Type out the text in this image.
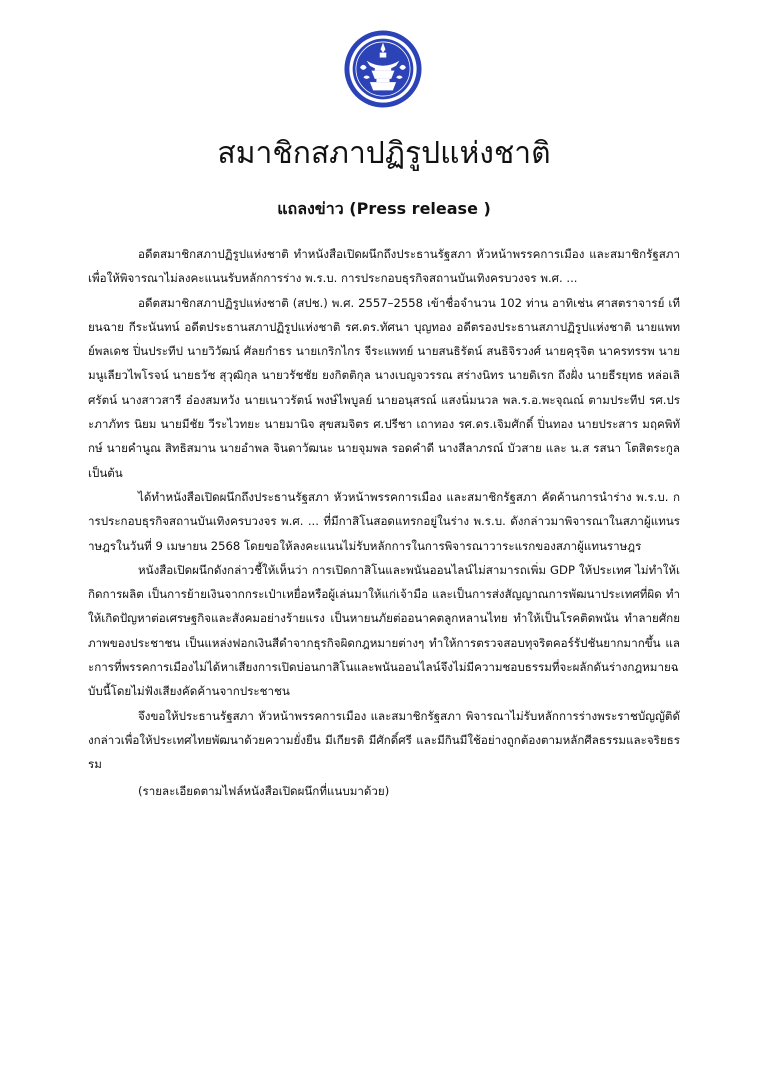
สมาชิกสภาปฏิรูปแห่งชาติ
แถลงข่าว (Press release )

อดีตสมาชิกสภาปฏิรูปแห่งชาติ ทำหนังสือเปิดผนึกถึงประธานรัฐสภา หัวหน้าพรรคการเมือง และสมาชิกรัฐสภา เพื่อให้พิจารณาไม่ลงคะแนนรับหลักการร่าง พ.ร.บ. การประกอบธุรกิจสถานบันเทิงครบวงจร พ.ศ. ...

อดีตสมาชิกสภาปฏิรูปแห่งชาติ (สปช.) พ.ศ. 2557–2558 เข้าชื่อจำนวน 102 ท่าน อาทิเช่น ศาสตราจารย์ เทียนฉาย กีระนันทน์ อดีตประธานสภาปฏิรูปแห่งชาติ รศ.ดร.ทัศนา บุญทอง อดีตรองประธานสภาปฏิรูปแห่งชาติ นายแพทย์พลเดช ปิ่นประทีป นายวิวัฒน์ ศัลยกำธร นายเกริกไกร จีระแพทย์ นายสนธิรัตน์ สนธิจิรวงศ์ นายคุรุจิต นาครทรรพ นายมนูเลียวไพโรจน์ นายธวัช สุวุฒิกุล นายวรัชชัย ยงกิตติกุล นางเบญจวรรณ สร่างนิทร นายดิเรก ถึงฝั่ง นายธีรยุทธ หล่อเลิศรัตน์ นางสาวสารี อ๋องสมหวัง นายเนาวรัตน์ พงษ์ไพบูลย์ นายอนุสรณ์ แสงนิ่มนวล พล.ร.อ.พะจุณณ์ ตามประทีป รศ.ประภาภัทร นิยม นายมีชัย วีระไวทยะ นายมานิจ สุขสมจิตร ศ.ปรีชา เถาทอง รศ.ดร.เจิมศักดิ์ ปิ่นทอง นายประสาร มฤคพิทักษ์ นายคำนูณ สิทธิสมาน นายอำพล จินดาวัฒนะ นายจุมพล รอดคำดี นางสีลาภรณ์ บัวสาย และ น.ส รสนา โตสิตระกูล เป็นต้น

ได้ทำหนังสือเปิดผนึกถึงประธานรัฐสภา หัวหน้าพรรคการเมือง และสมาชิกรัฐสภา คัดค้านการนำร่าง พ.ร.บ. การประกอบธุรกิจสถานบันเทิงครบวงจร พ.ศ. ... ที่มีกาสิโนสอดแทรกอยู่ในร่าง พ.ร.บ. ดังกล่าวมาพิจารณาในสภาผู้แทนราษฎรในวันที่ 9 เมษายน 2568 โดยขอให้ลงคะแนนไม่รับหลักการในการพิจารณาวาระแรกของสภาผู้แทนราษฎร

หนังสือเปิดผนึกดังกล่าวชี้ให้เห็นว่า การเปิดกาสิโนและพนันออนไลน์ไม่สามารถเพิ่ม GDP ให้ประเทศ ไม่ทำให้เกิดการผลิต เป็นการย้ายเงินจากกระเป๋าเหยื่อหรือผู้เล่นมาให้แก่เจ้ามือ และเป็นการส่งสัญญาณการพัฒนาประเทศที่ผิด ทำให้เกิดปัญหาต่อเศรษฐกิจและสังคมอย่างร้ายแรง เป็นหายนภัยต่ออนาคตลูกหลานไทย ทำให้เป็นโรคติดพนัน ทำลายศักยภาพของประชาชน เป็นแหล่งฟอกเงินสีดำจากธุรกิจผิดกฎหมายต่างๆ ทำให้การตรวจสอบทุจริตคอร์รัปชันยากมากขึ้น และการที่พรรคการเมืองไม่ได้หาเสียงการเปิดบ่อนกาสิโนและพนันออนไลน์จึงไม่มีความชอบธรรมที่จะผลักดันร่างกฎหมายฉบับนี้โดยไม่ฟังเสียงคัดค้านจากประชาชน

จึงขอให้ประธานรัฐสภา หัวหน้าพรรคการเมือง และสมาชิกรัฐสภา พิจารณาไม่รับหลักการร่างพระราชบัญญัติดังกล่าวเพื่อให้ประเทศไทยพัฒนาด้วยความยั่งยืน มีเกียรติ มีศักดิ์ศรี และมีกินมีใช้อย่างถูกต้องตามหลักศีลธรรมและจริยธรรม

(รายละเอียดตามไฟล์หนังสือเปิดผนึกที่แนบมาด้วย)
